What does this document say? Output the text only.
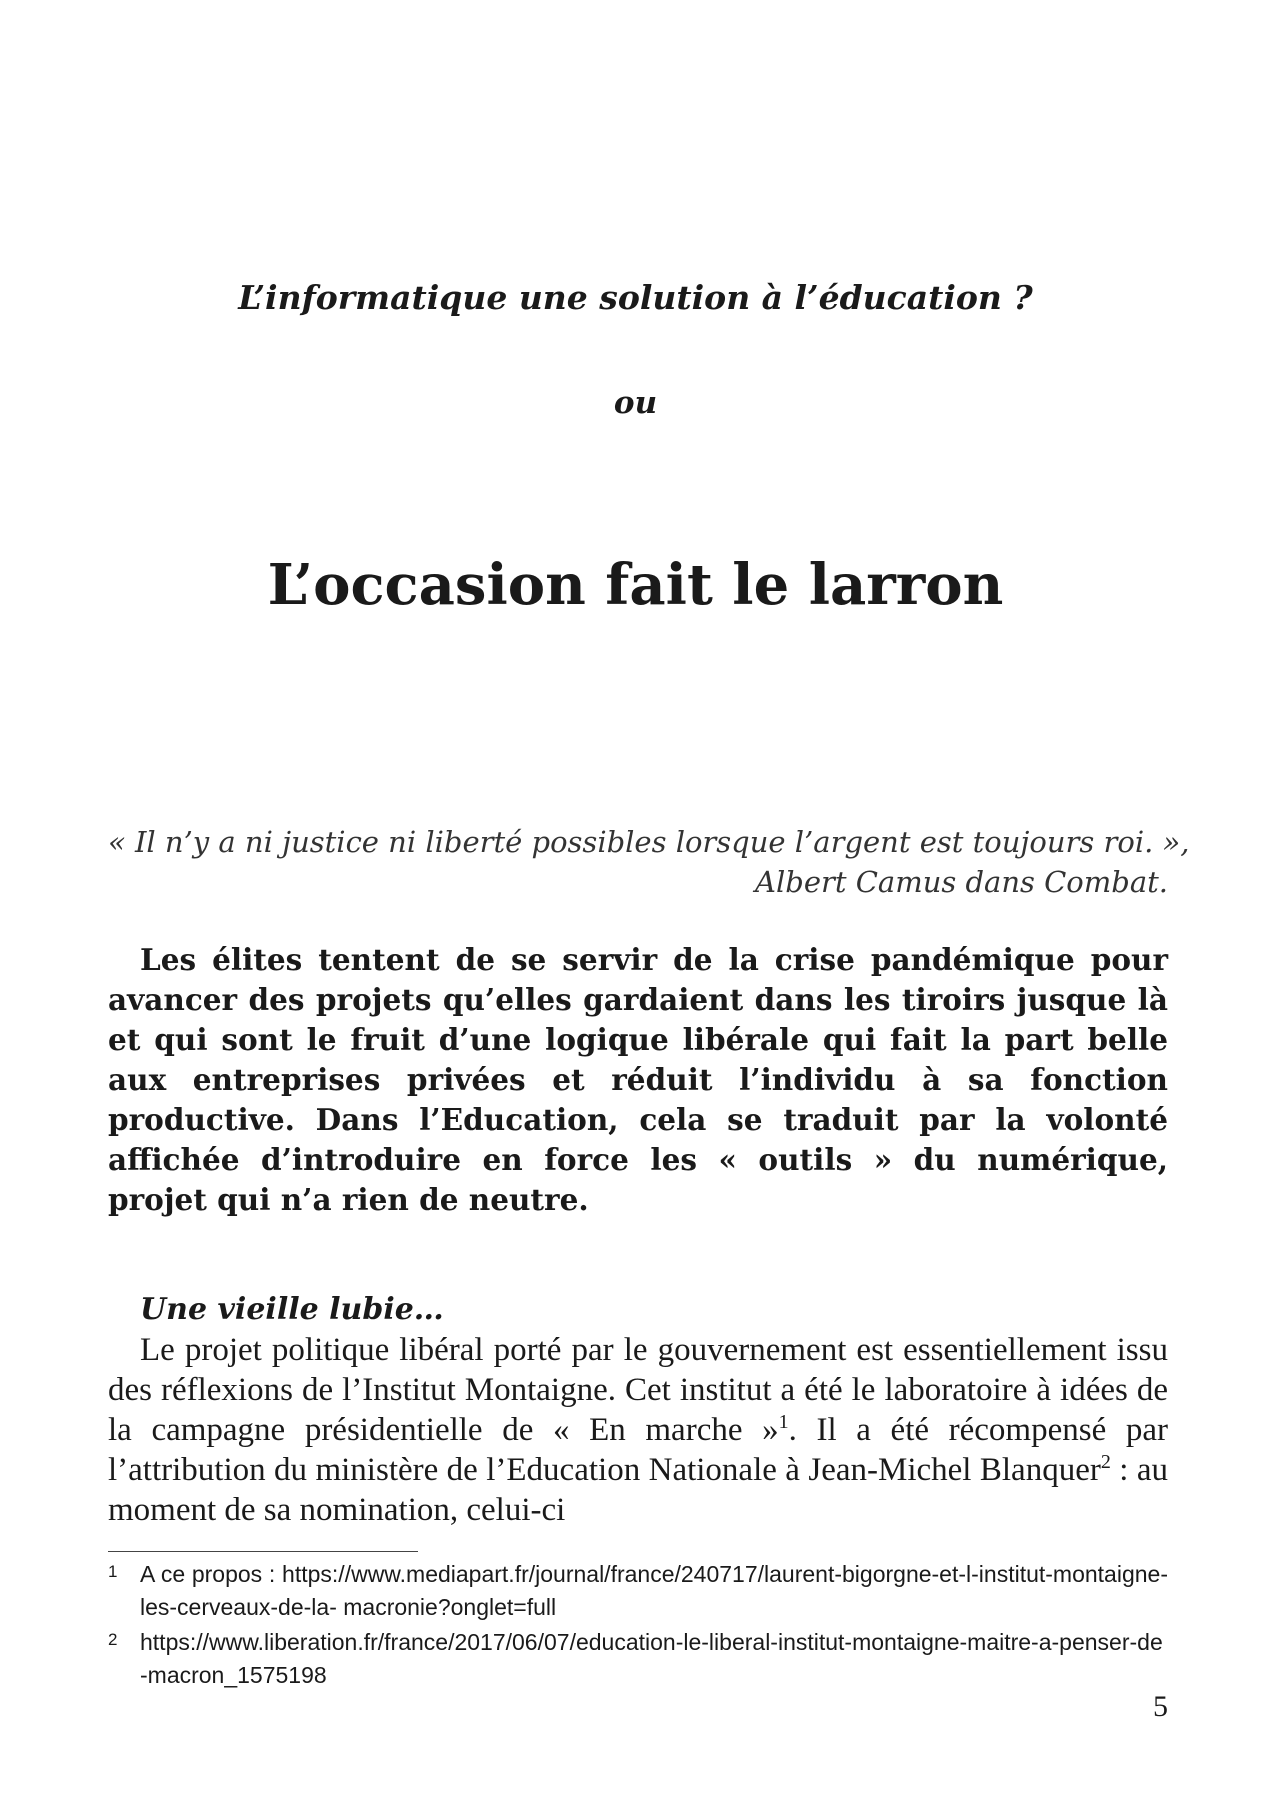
L’informatique une solution à l’éducation ?
ou
L’occasion fait le larron
« Il n’y a ni justice ni liberté possibles lorsque l’argent est toujours roi. »,
Albert Camus dans Combat.

Les élites tentent de se servir de la crise pandémique pour avancer des projets qu’elles gardaient dans les tiroirs jusque là et qui sont le fruit d’une logique libérale qui fait la part belle aux entreprises privées et réduit l’individu à sa fonction productive. Dans l’Education, cela se traduit par la volonté affichée d’introduire en force les « outils » du numérique, projet qui n’a rien de neutre.

Une vieille lubie…

Le projet politique libéral porté par le gouvernement est essentiellement issu des réflexions de l’Institut Montaigne. Cet institut a été le laboratoire à idées de la campagne présidentielle de « En marche »$^1$. Il a été récompensé par l’attribution du ministère de l’Education Nationale à Jean-Michel Blanquer$^2$ : au moment de sa nomination, celui-ci

1 A ce propos : https://www.mediapart.fr/journal/france/240717/laurent-bigorgne-et-l-institut-montaigne-les-cerveaux-de-la- macronie?onglet=full
2 https://www.liberation.fr/france/2017/06/07/education-le-liberal-institut-montaigne-maitre-a-penser-de-macron_1575198
5
